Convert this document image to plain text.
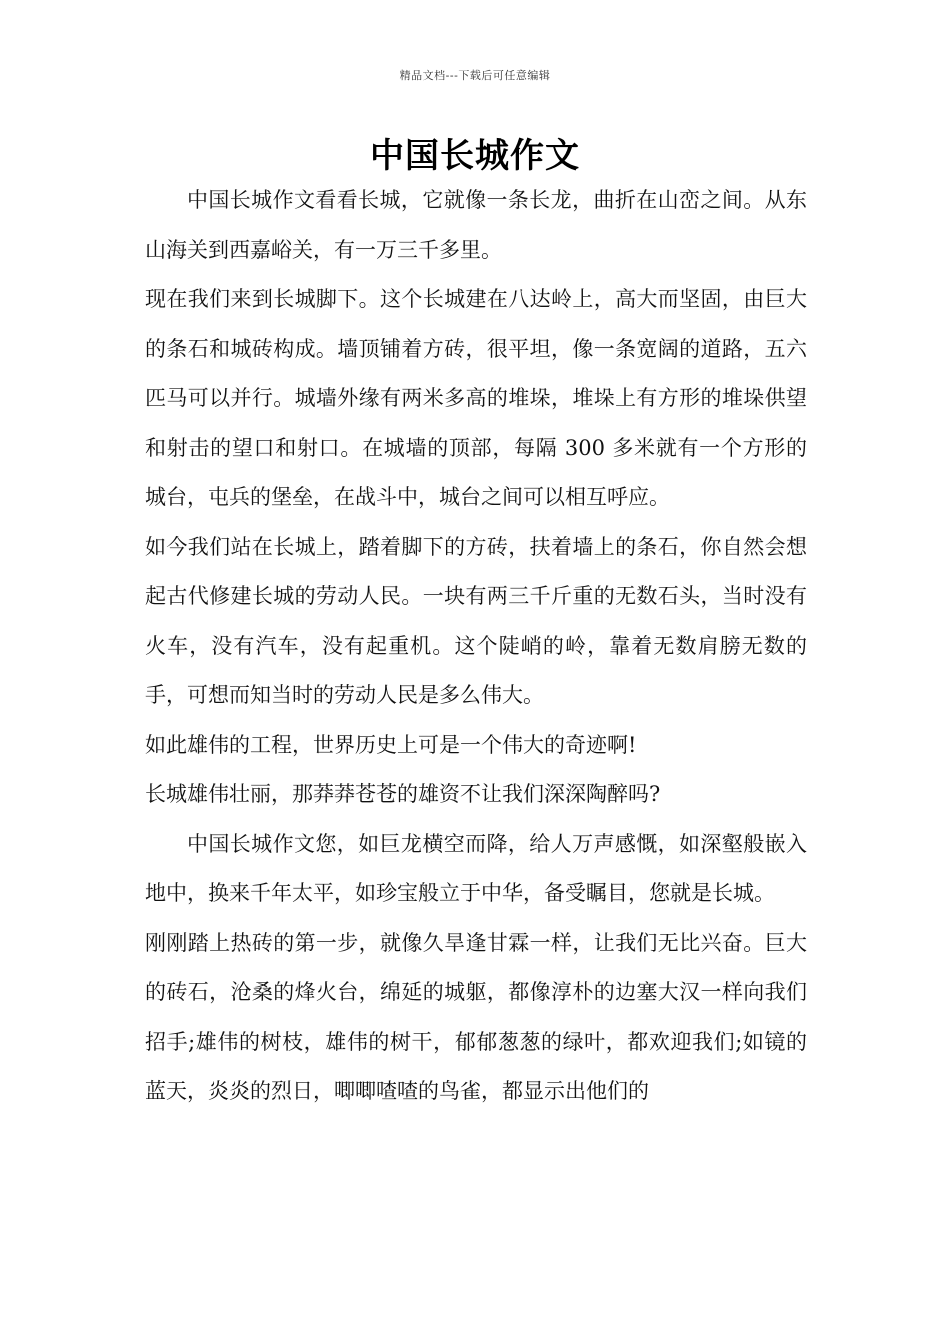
精品文档---下载后可任意编辑
中国长城作文

中国长城作文看看长城，它就像一条长龙，曲折在山峦之间。从东山海关到西嘉峪关，有一万三千多里。

现在我们来到长城脚下。这个长城建在八达岭上，高大而坚固，由巨大的条石和城砖构成。墙顶铺着方砖，很平坦，像一条宽阔的道路，五六匹马可以并行。城墙外缘有两米多高的堆垛，堆垛上有方形的堆垛供望和射击的望口和射口。在城墙的顶部，每隔 300 多米就有一个方形的城台，屯兵的堡垒，在战斗中，城台之间可以相互呼应。

如今我们站在长城上，踏着脚下的方砖，扶着墙上的条石，你自然会想起古代修建长城的劳动人民。一块有两三千斤重的无数石头，当时没有火车，没有汽车，没有起重机。这个陡峭的岭，靠着无数肩膀无数的手，可想而知当时的劳动人民是多么伟大。

如此雄伟的工程，世界历史上可是一个伟大的奇迹啊!

长城雄伟壮丽，那莽莽苍苍的雄资不让我们深深陶醉吗?

中国长城作文您，如巨龙横空而降，给人万声感慨，如深壑般嵌入地中，换来千年太平，如珍宝般立于中华，备受瞩目，您就是长城。

刚刚踏上热砖的第一步，就像久旱逢甘霖一样，让我们无比兴奋。巨大的砖石，沧桑的烽火台，绵延的城躯，都像淳朴的边塞大汉一样向我们招手;雄伟的树枝，雄伟的树干，郁郁葱葱的绿叶，都欢迎我们;如镜的蓝天，炎炎的烈日，唧唧喳喳的鸟雀，都显示出他们的
